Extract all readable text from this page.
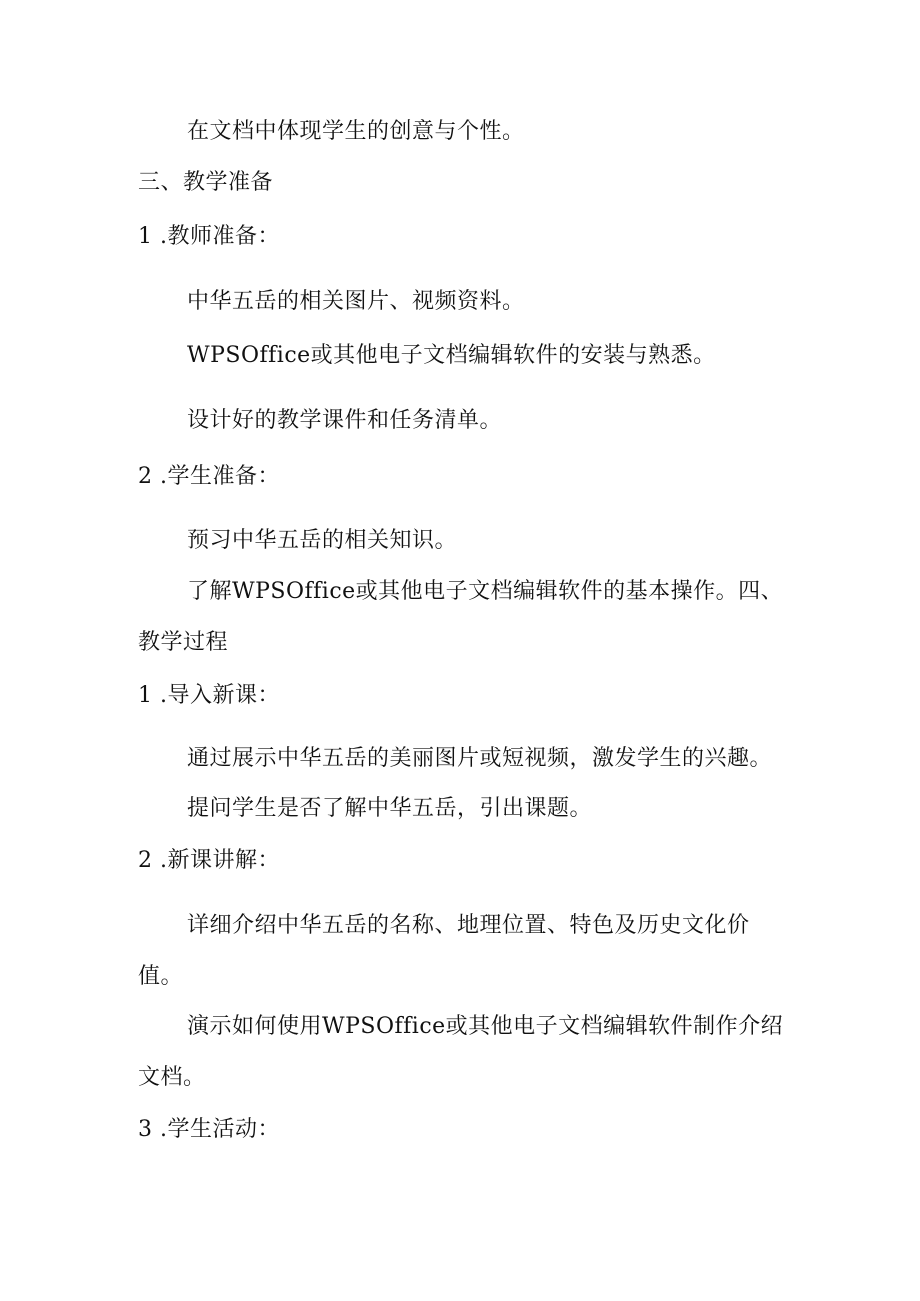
在文档中体现学生的创意与个性。
三、教学准备
1 .教师准备：
中华五岳的相关图片、视频资料。
WPSOffice或其他电子文档编辑软件的安装与熟悉。
设计好的教学课件和任务清单。
2 .学生准备：
预习中华五岳的相关知识。
了解WPSOffice或其他电子文档编辑软件的基本操作。四、
教学过程
1 .导入新课：
通过展示中华五岳的美丽图片或短视频，激发学生的兴趣。
提问学生是否了解中华五岳，引出课题。
2 .新课讲解：
详细介绍中华五岳的名称、地理位置、特色及历史文化价
值。
演示如何使用WPSOffice或其他电子文档编辑软件制作介绍
文档。
3 .学生活动：
